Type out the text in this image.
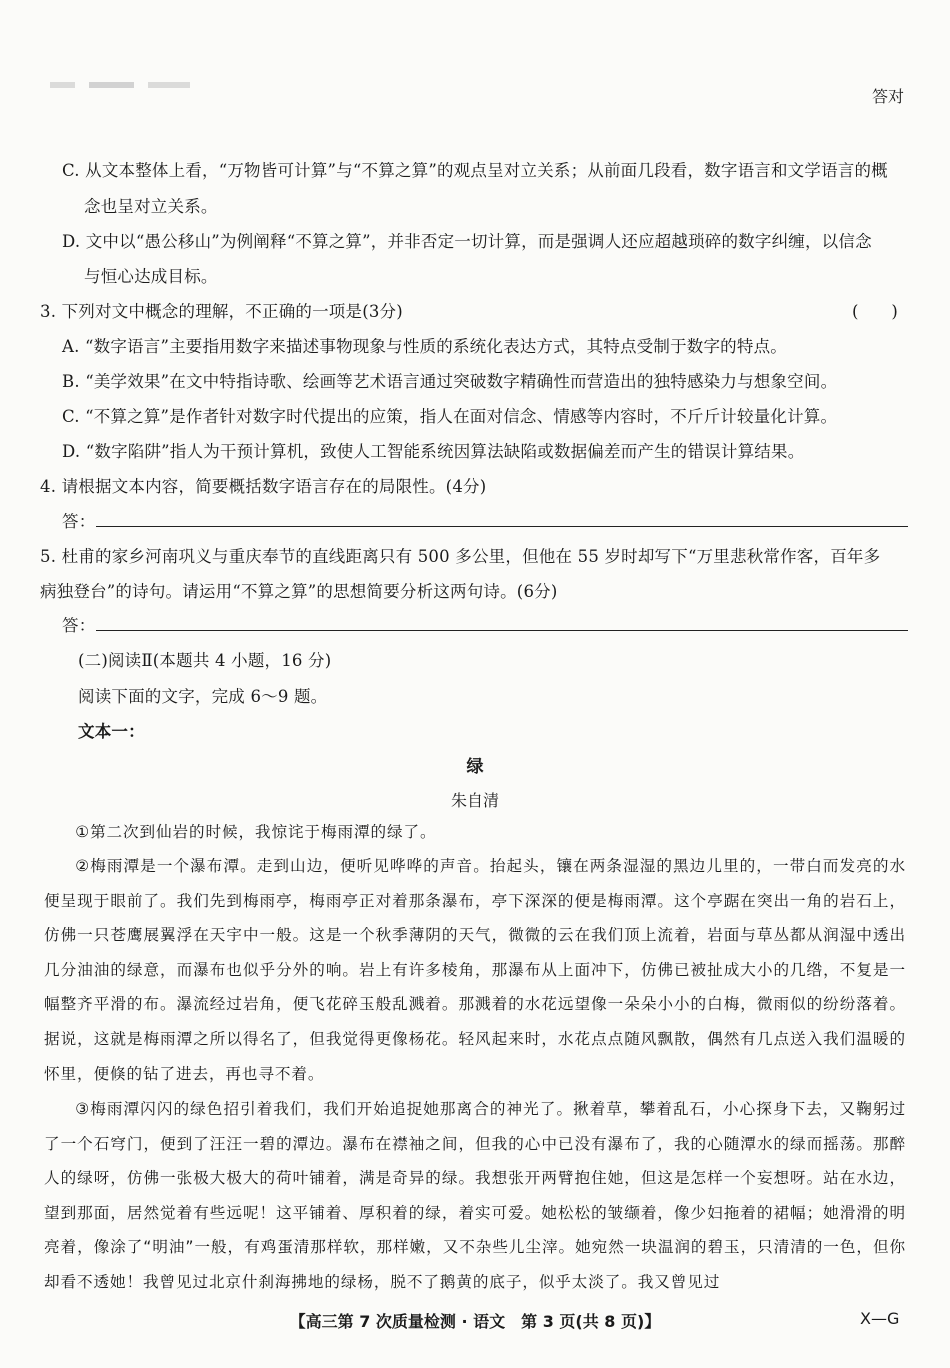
答对
C. 从文本整体上看，“万物皆可计算”与“不算之算”的观点呈对立关系；从前面几段看，数字语言和文学语言的概
念也呈对立关系。
D. 文中以“愚公移山”为例阐释“不算之算”，并非否定一切计算，而是强调人还应超越琐碎的数字纠缠，以信念
与恒心达成目标。
3. 下列对文中概念的理解，不正确的一项是(3分)	(　　)
A. “数字语言”主要指用数字来描述事物现象与性质的系统化表达方式，其特点受制于数字的特点。
B. “美学效果”在文中特指诗歌、绘画等艺术语言通过突破数字精确性而营造出的独特感染力与想象空间。
C. “不算之算”是作者针对数字时代提出的应策，指人在面对信念、情感等内容时，不斤斤计较量化计算。
D. “数字陷阱”指人为干预计算机，致使人工智能系统因算法缺陷或数据偏差而产生的错误计算结果。
4. 请根据文本内容，简要概括数字语言存在的局限性。(4分)
答：
5. 杜甫的家乡河南巩义与重庆奉节的直线距离只有 500 多公里，但他在 55 岁时却写下“万里悲秋常作客，百年多
病独登台”的诗句。请运用“不算之算”的思想简要分析这两句诗。(6分)
答：
(二)阅读Ⅱ(本题共 4 小题，16 分)
阅读下面的文字，完成 6～9 题。
文本一：
绿
朱自清
①第二次到仙岩的时候，我惊诧于梅雨潭的绿了。
②梅雨潭是一个瀑布潭。走到山边，便听见哗哗的声音。抬起头，镶在两条湿湿的黑边儿里的，一带白而发亮的水便呈现于眼前了。我们先到梅雨亭，梅雨亭正对着那条瀑布，亭下深深的便是梅雨潭。这个亭踞在突出一角的岩石上，仿佛一只苍鹰展翼浮在天宇中一般。这是一个秋季薄阴的天气，微微的云在我们顶上流着，岩面与草丛都从润湿中透出几分油油的绿意，而瀑布也似乎分外的响。岩上有许多棱角，那瀑布从上面冲下，仿佛已被扯成大小的几绺，不复是一幅整齐平滑的布。瀑流经过岩角，便飞花碎玉般乱溅着。那溅着的水花远望像一朵朵小小的白梅，微雨似的纷纷落着。据说，这就是梅雨潭之所以得名了，但我觉得更像杨花。轻风起来时，水花点点随风飘散，偶然有几点送入我们温暖的怀里，便倏的钻了进去，再也寻不着。
③梅雨潭闪闪的绿色招引着我们，我们开始追捉她那离合的神光了。揪着草，攀着乱石，小心探身下去，又鞠躬过了一个石穹门，便到了汪汪一碧的潭边。瀑布在襟袖之间，但我的心中已没有瀑布了，我的心随潭水的绿而摇荡。那醉人的绿呀，仿佛一张极大极大的荷叶铺着，满是奇异的绿。我想张开两臂抱住她，但这是怎样一个妄想呀。站在水边，望到那面，居然觉着有些远呢！这平铺着、厚积着的绿，着实可爱。她松松的皱缬着，像少妇拖着的裙幅；她滑滑的明亮着，像涂了“明油”一般，有鸡蛋清那样软，那样嫩，又不杂些儿尘滓。她宛然一块温润的碧玉，只清清的一色，但你却看不透她！我曾见过北京什刹海拂地的绿杨，脱不了鹅黄的底子，似乎太淡了。我又曾见过
【高三第 7 次质量检测 · 语文　第 3 页(共 8 页)】	X—G
